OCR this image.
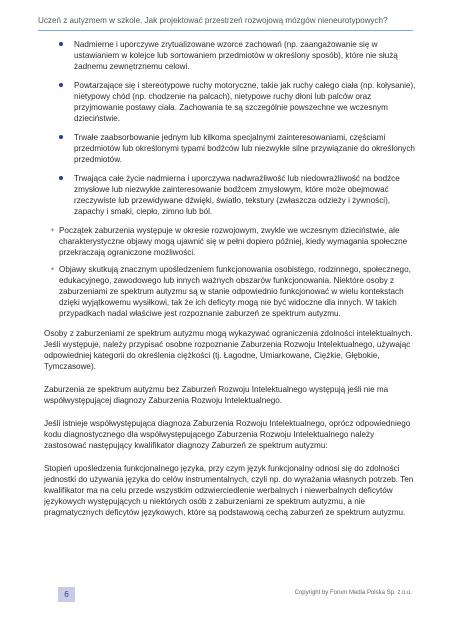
Uczeń z autyzmem w szkole. Jak projektować przestrzeń rozwojową mózgów nieneurotypowych?
Nadmierne i uporczywe zrytualizowane wzorce zachowań (np. zaangażowanie się w ustawianiem w kolejce lub sortowaniem przedmiotów w określony sposób), które nie służą żadnemu zewnętrznemu celowi.
Powtarzające się i stereotypowe ruchy motoryczne, takie jak ruchy całego ciała (np. kołysanie), nietypowy chód (np. chodzenie na palcach), nietypowe ruchy dłoni lub palców oraz przyjmowanie postawy ciała. Zachowania te są szczególnie powszechne we wczesnym dzieciństwie.
Trwałe zaabsorbowanie jednym lub kilkoma specjalnymi zainteresowaniami, częściami przedmiotów lub określonymi typami bodźców lub niezwykłe silne przywiązanie do określonych przedmiotów.
Trwająca całe życie nadmierna i uporczywa nadwrażliwość lub niedowrażliwość na bodźce zmysłowe lub niezwykłe zainteresowanie bodźcem zmysłowym, które może obejmować rzeczywiste lub przewidywane dźwięki, światło, tekstury (zwłaszcza odzieży i żywności), zapachy i smaki, ciepło, zimno lub ból.
✦ Początek zaburzenia występuje w okresie rozwojowym, zwykle we wczesnym dzieciństwie, ale charakterystyczne objawy mogą ujawnić się w pełni dopiero później, kiedy wymagania społeczne przekraczają ograniczone możliwości.
✦ Objawy skutkują znacznym upośledzeniem funkcjonowania osobistego, rodzinnego, społecznego, edukacyjnego, zawodowego lub innych ważnych obszarów funkcjonowania. Niektóre osoby z zaburzeniami ze spektrum autyzmu są w stanie odpowiednio funkcjonować w wielu kontekstach dzięki wyjątkowemu wysiłkowi, tak że ich deficyty mogą nie być widoczne dla innych. W takich przypadkach nadal właściwe jest rozpoznanie zaburzeń ze spektrum autyzmu.

Osoby z zaburzeniami ze spektrum autyzmu mogą wykazywać ograniczenia zdolności intelektualnych. Jeśli występuje, należy przypisać osobne rozpoznanie Zaburzenia Rozwoju Intelektualnego, używając odpowiedniej kategorii do określenia ciężkości (tj. Łagodne, Umiarkowane, Ciężkie, Głębokie, Tymczasowe).

Zaburzenia ze spektrum autyzmu bez Zaburzeń Rozwoju Intelektualnego występują jeśli nie ma współwystępującej diagnozy Zaburzenia Rozwoju Intelektualnego.

Jeśli istnieje współwystępująca diagnoza Zaburzenia Rozwoju Intelektualnego, oprócz odpowiedniego kodu diagnostycznego dla współwystępującego Zaburzenia Rozwoju Intelektualnego należy zastosować następujący kwalifikator diagnozy Zaburzeń ze spektrum autyzmu:

Stopień upośledzenia funkcjonalnego języka, przy czym język funkcjonalny odnosi się do zdolności jednostki do używania języka do celów instrumentalnych, czyli np. do wyrażania własnych potrzeb. Ten kwalifikator ma na celu przede wszystkim odzwierciedlenie werbalnych i niewerbalnych deficytów językowych występujących u niektórych osób z zaburzeniami ze spektrum autyzmu, a nie pragmatycznych deficytów językowych, które są podstawową cechą zaburzeń ze spektrum autyzmu.

6	Copyright by Forum Media Polska Sp. z o.o.
